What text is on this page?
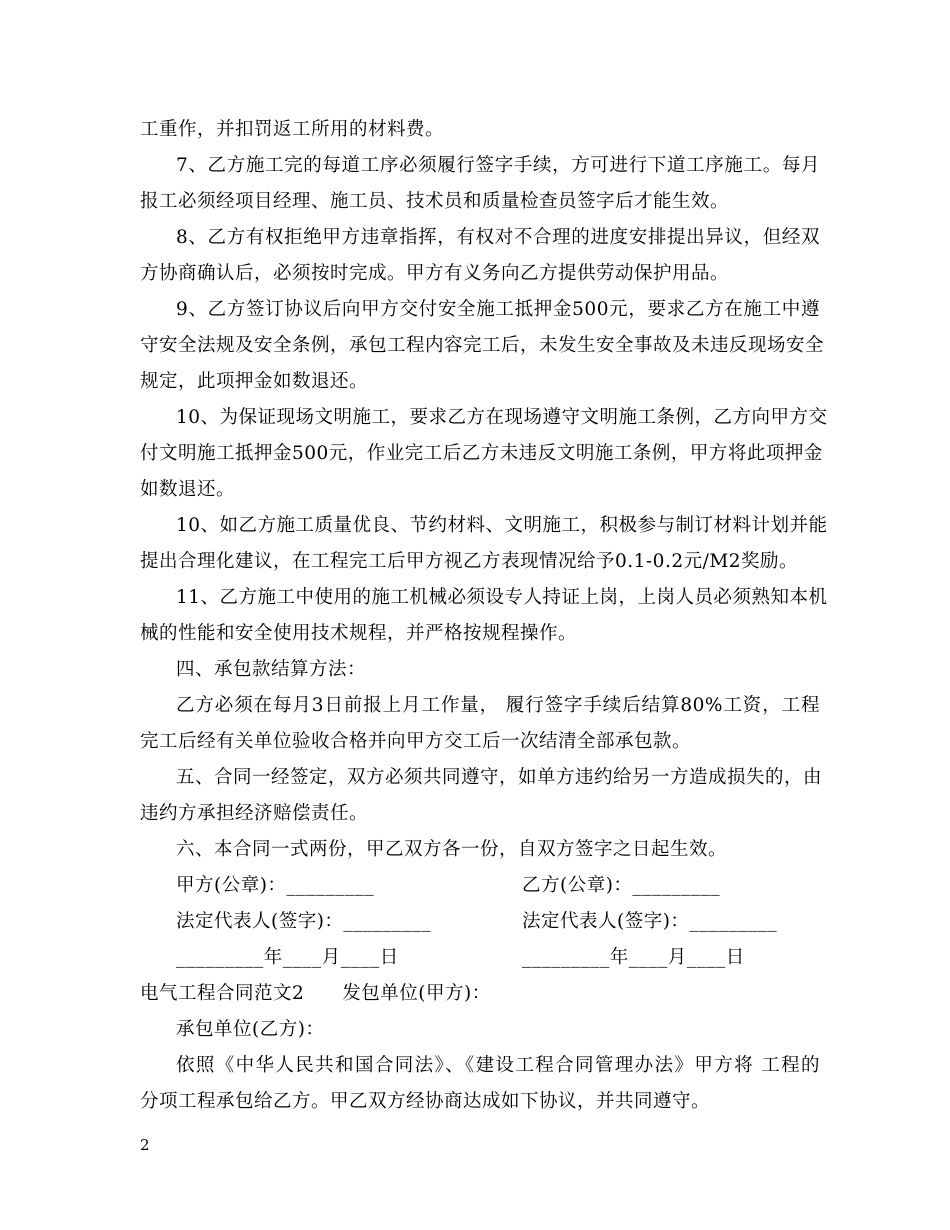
工重作，并扣罚返工所用的材料费。
7、乙方施工完的每道工序必须履行签字手续，方可进行下道工序施工。每月
报工必须经项目经理、施工员、技术员和质量检查员签字后才能生效。
8、乙方有权拒绝甲方违章指挥，有权对不合理的进度安排提出异议，但经双
方协商确认后，必须按时完成。甲方有义务向乙方提供劳动保护用品。
9、乙方签订协议后向甲方交付安全施工抵押金500元，要求乙方在施工中遵
守安全法规及安全条例，承包工程内容完工后，未发生安全事故及未违反现场安全
规定，此项押金如数退还。
10、为保证现场文明施工，要求乙方在现场遵守文明施工条例，乙方向甲方交
付文明施工抵押金500元，作业完工后乙方未违反文明施工条例，甲方将此项押金
如数退还。
10、如乙方施工质量优良、节约材料、文明施工，积极参与制订材料计划并能
提出合理化建议，在工程完工后甲方视乙方表现情况给予0.1-0.2元/M2奖励。
11、乙方施工中使用的施工机械必须设专人持证上岗，上岗人员必须熟知本机
械的性能和安全使用技术规程，并严格按规程操作。
四、承包款结算方法：
乙方必须在每月3日前报上月工作量， 履行签字手续后结算80%工资，工程
完工后经有关单位验收合格并向甲方交工后一次结清全部承包款。
五、合同一经签定，双方必须共同遵守，如单方违约给另一方造成损失的，由
违约方承担经济赔偿责任。
六、本合同一式两份，甲乙双方各一份，自双方签字之日起生效。
甲方(公章)：_________	乙方(公章)：_________
法定代表人(签字)：_________	法定代表人(签字)：_________
_________年____月____日	_________年____月____日
电气工程合同范文2　　发包单位(甲方)：
承包单位(乙方)：
依照《中华人民共和国合同法》、《建设工程合同管理办法》甲方将 工程的
分项工程承包给乙方。甲乙双方经协商达成如下协议，并共同遵守。
2
